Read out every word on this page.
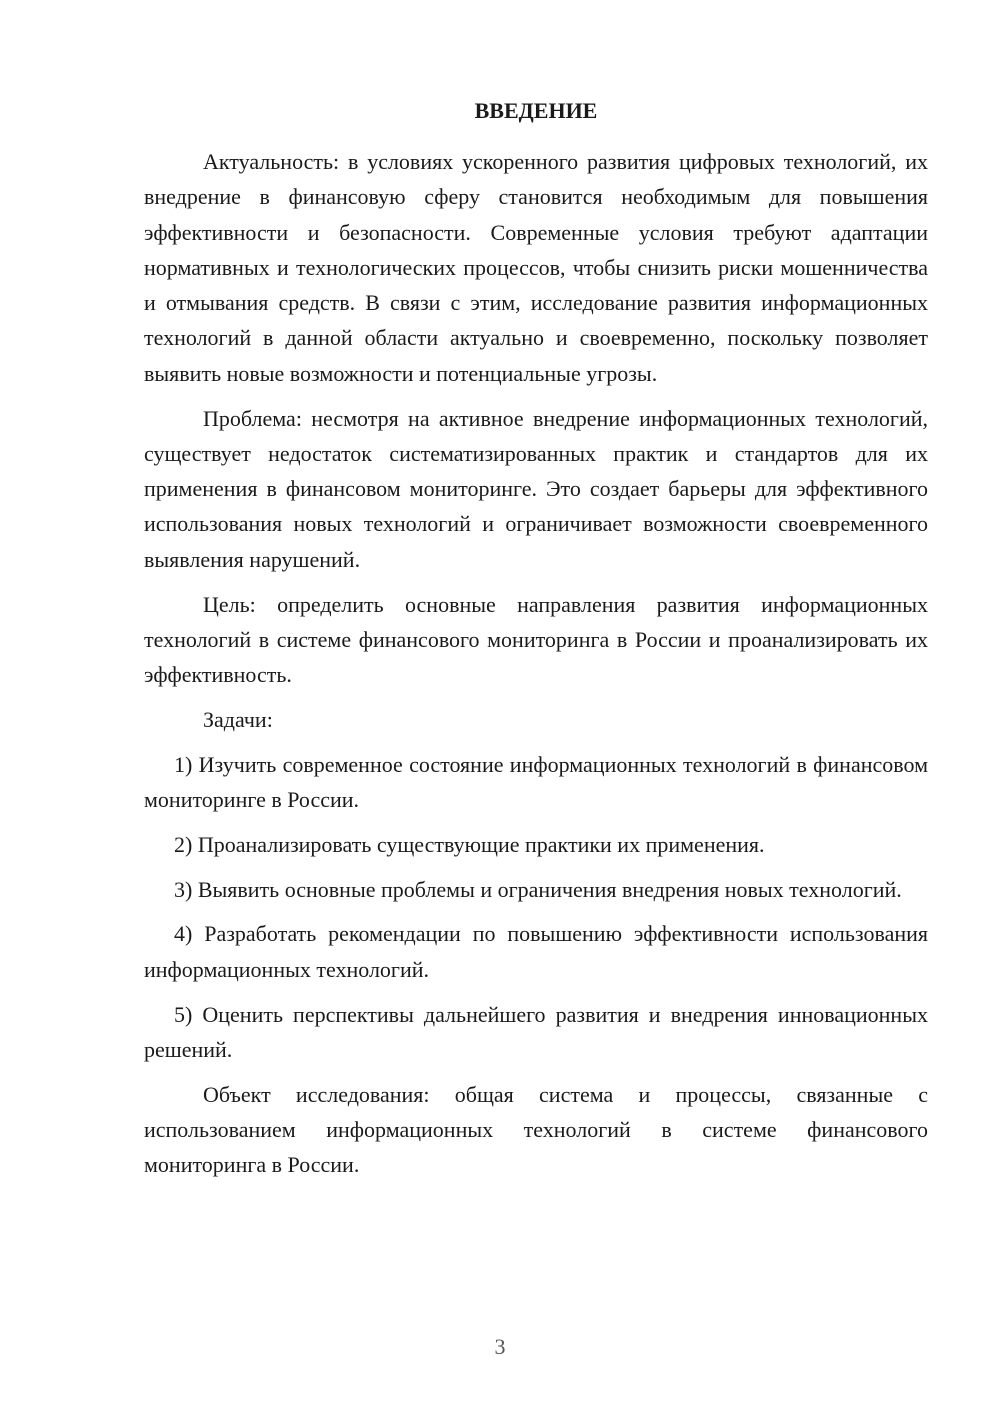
ВВЕДЕНИЕ

Актуальность: в условиях ускоренного развития цифровых технологий, их внедрение в финансовую сферу становится необходимым для повышения эффективности и безопасности. Современные условия требуют адаптации нормативных и технологических процессов, чтобы снизить риски мошенничества и отмывания средств. В связи с этим, исследование развития информационных технологий в данной области актуально и своевременно, поскольку позволяет выявить новые возможности и потенциальные угрозы.

Проблема: несмотря на активное внедрение информационных технологий, существует недостаток систематизированных практик и стандартов для их применения в финансовом мониторинге. Это создает барьеры для эффективного использования новых технологий и ограничивает возможности своевременного выявления нарушений.

Цель: определить основные направления развития информационных технологий в системе финансового мониторинга в России и проанализировать их эффективность.

Задачи:

1) Изучить современное состояние информационных технологий в финансовом мониторинге в России.

2) Проанализировать существующие практики их применения.

3) Выявить основные проблемы и ограничения внедрения новых технологий.

4) Разработать рекомендации по повышению эффективности использования информационных технологий.

5) Оценить перспективы дальнейшего развития и внедрения инновационных решений.

Объект исследования: общая система и процессы, связанные с использованием информационных технологий в системе финансового мониторинга в России.

3
